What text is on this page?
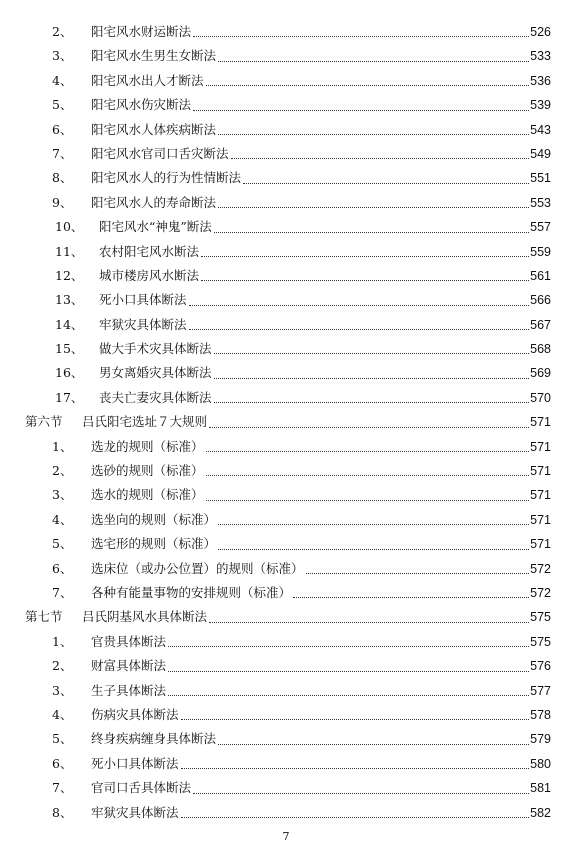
2、 阳宅风水财运断法	526
3、 阳宅风水生男生女断法	533
4、 阳宅风水出人才断法	536
5、 阳宅风水伤灾断法	539
6、 阳宅风水人体疾病断法	543
7、 阳宅风水官司口舌灾断法	549
8、 阳宅风水人的行为性情断法	551
9、 阳宅风水人的寿命断法	553
10、 阳宅风水“神鬼”断法	557
11、 农村阳宅风水断法	559
12、 城市楼房风水断法	561
13、 死小口具体断法	566
14、 牢狱灾具体断法	567
15、 做大手术灾具体断法	568
16、 男女离婚灾具体断法	569
17、 丧夫亡妻灾具体断法	570
第六节 吕氏阳宅选址７大规则	571
1、 选龙的规则（标准）	571
2、 选砂的规则（标准）	571
3、 选水的规则（标准）	571
4、 选坐向的规则（标准）	571
5、 选宅形的规则（标准）	571
6、 选床位（或办公位置）的规则（标准）	572
7、 各种有能量事物的安排规则（标准）	572
第七节 吕氏阴基风水具体断法	575
1、 官贵具体断法	575
2、 财富具体断法	576
3、 生子具体断法	577
4、 伤病灾具体断法	578
5、 终身疾病缠身具体断法	579
6、 死小口具体断法	580
7、 官司口舌具体断法	581
8、 牢狱灾具体断法	582
7
